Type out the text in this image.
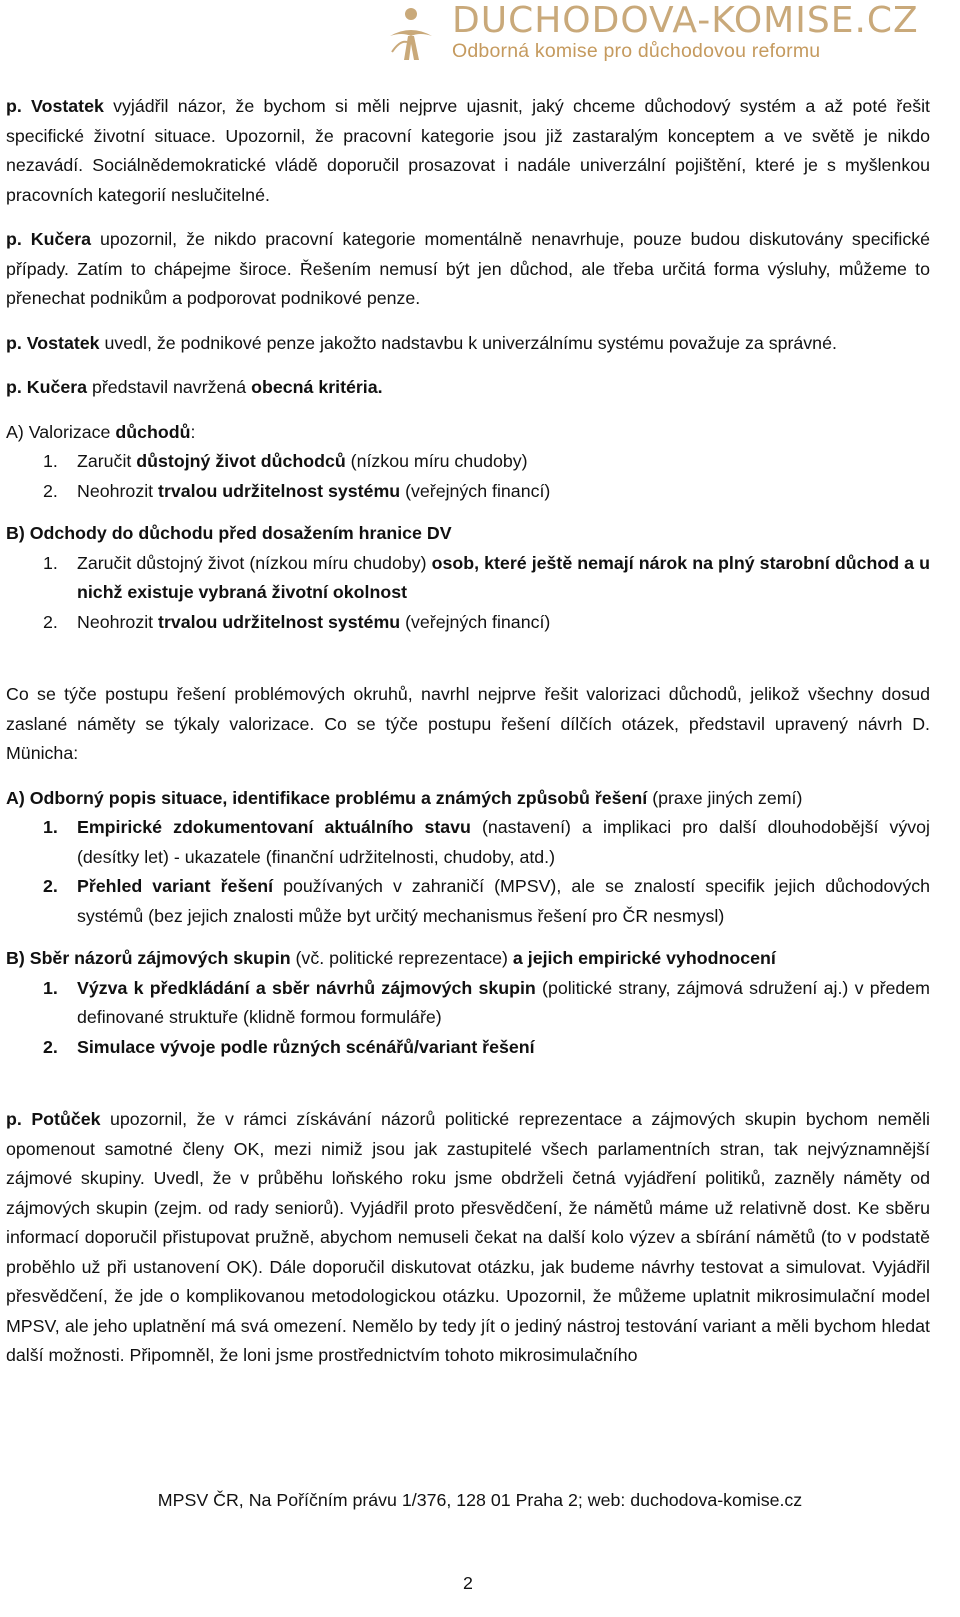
DUCHODOVA-KOMISE.CZ
Odborná komise pro důchodovou reformu

p. Vostatek vyjádřil názor, že bychom si měli nejprve ujasnit, jaký chceme důchodový systém a až poté řešit specifické životní situace. Upozornil, že pracovní kategorie jsou již zastaralým konceptem a ve světě je nikdo nezavádí. Sociálnědemokratické vládě doporučil prosazovat i nadále univerzální pojištění, které je s myšlenkou pracovních kategorií neslučitelné.

p. Kučera upozornil, že nikdo pracovní kategorie momentálně nenavrhuje, pouze budou diskutovány specifické případy. Zatím to chápejme široce. Řešením nemusí být jen důchod, ale třeba určitá forma výsluhy, můžeme to přenechat podnikům a podporovat podnikové penze.

p. Vostatek uvedl, že podnikové penze jakožto nadstavbu k univerzálnímu systému považuje za správné.

p. Kučera představil navržená obecná kritéria.

A) Valorizace důchodů:

1. Zaručit důstojný život důchodců (nízkou míru chudoby)

2. Neohrozit trvalou udržitelnost systému (veřejných financí)

B) Odchody do důchodu před dosažením hranice DV

1. Zaručit důstojný život (nízkou míru chudoby) osob, které ještě nemají nárok na plný starobní důchod a u nichž existuje vybraná životní okolnost

2. Neohrozit trvalou udržitelnost systému (veřejných financí)

Co se týče postupu řešení problémových okruhů, navrhl nejprve řešit valorizaci důchodů, jelikož všechny dosud zaslané náměty se týkaly valorizace. Co se týče postupu řešení dílčích otázek, představil upravený návrh D. Münicha:

A) Odborný popis situace, identifikace problému a známých způsobů řešení (praxe jiných zemí)

1. Empirické zdokumentovaní aktuálního stavu (nastavení) a implikaci pro další dlouhodobější vývoj (desítky let) - ukazatele (finanční udržitelnosti, chudoby, atd.)

2. Přehled variant řešení používaných v zahraničí (MPSV), ale se znalostí specifik jejich důchodových systémů (bez jejich znalosti může byt určitý mechanismus řešení pro ČR nesmysl)

B) Sběr názorů zájmových skupin (vč. politické reprezentace) a jejich empirické vyhodnocení

1. Výzva k předkládání a sběr návrhů zájmových skupin (politické strany, zájmová sdružení aj.) v předem definované struktuře (klidně formou formuláře)

2. Simulace vývoje podle různých scénářů/variant řešení

p. Potůček upozornil, že v rámci získávání názorů politické reprezentace a zájmových skupin bychom neměli opomenout samotné členy OK, mezi nimiž jsou jak zastupitelé všech parlamentních stran, tak nejvýznamnější zájmové skupiny. Uvedl, že v průběhu loňského roku jsme obdrželi četná vyjádření politiků, zazněly náměty od zájmových skupin (zejm. od rady seniorů). Vyjádřil proto přesvědčení, že námětů máme už relativně dost. Ke sběru informací doporučil přistupovat pružně, abychom nemuseli čekat na další kolo výzev a sbírání námětů (to v podstatě proběhlo už při ustanovení OK). Dále doporučil diskutovat otázku, jak budeme návrhy testovat a simulovat. Vyjádřil přesvědčení, že jde o komplikovanou metodologickou otázku. Upozornil, že můžeme uplatnit mikrosimulační model MPSV, ale jeho uplatnění má svá omezení. Nemělo by tedy jít o jediný nástroj testování variant a měli bychom hledat další možnosti. Připomněl, že loni jsme prostřednictvím tohoto mikrosimulačního

MPSV ČR, Na Poříčním právu 1/376, 128 01 Praha 2; web: duchodova-komise.cz
2
